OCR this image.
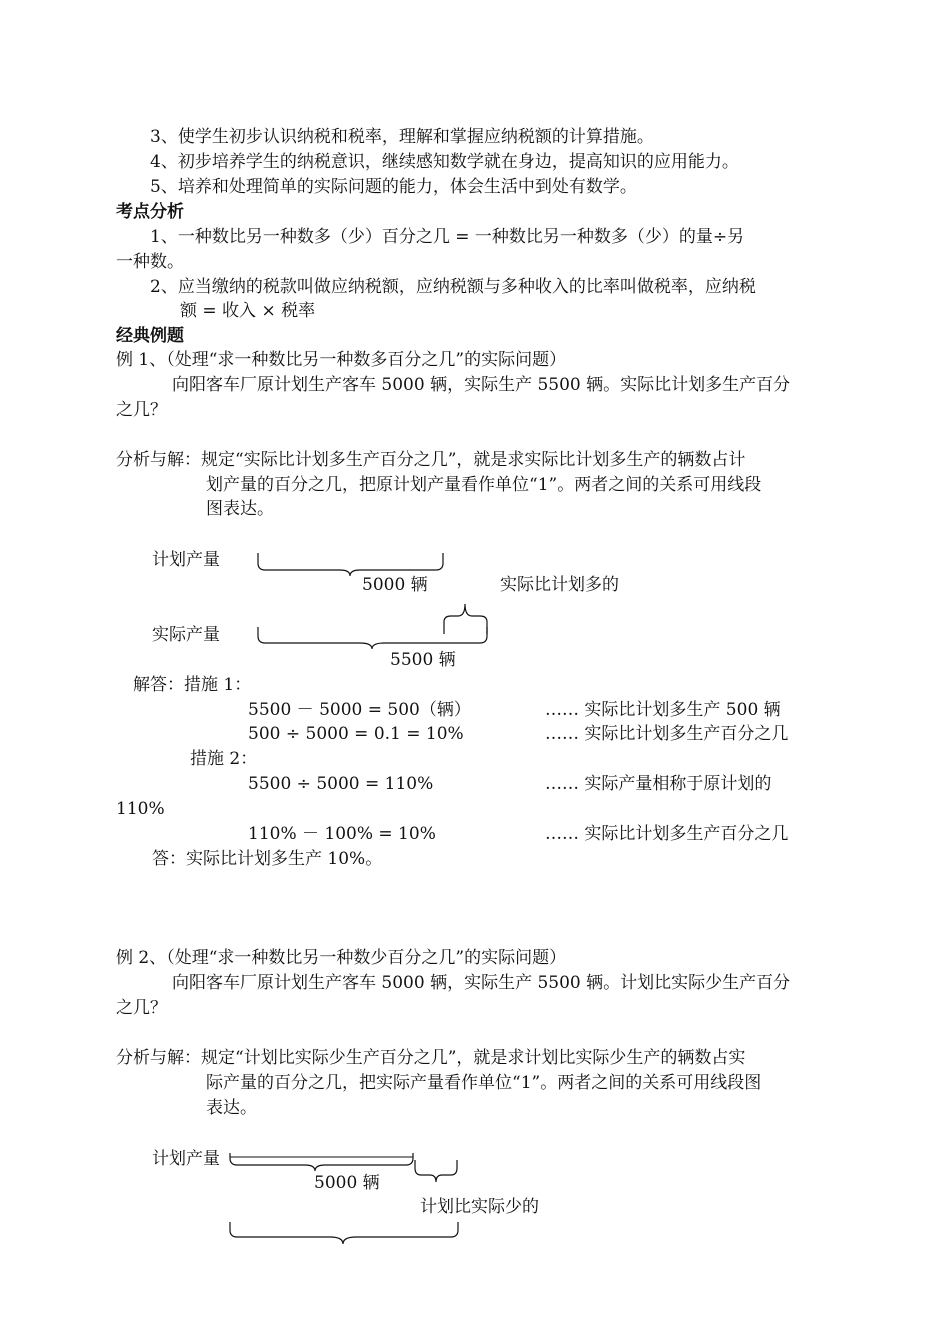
3、使学生初步认识纳税和税率，理解和掌握应纳税额的计算措施。
4、初步培养学生的纳税意识，继续感知数学就在身边，提高知识的应用能力。
5、培养和处理简单的实际问题的能力，体会生活中到处有数学。
考点分析
1、一种数比另一种数多（少）百分之几 = 一种数比另一种数多（少）的量÷另
一种数。
2、应当缴纳的税款叫做应纳税额，应纳税额与多种收入的比率叫做税率，应纳税
额 = 收入 × 税率
经典例题
例 1、（处理“求一种数比另一种数多百分之几”的实际问题）
向阳客车厂原计划生产客车 5000 辆，实际生产 5500 辆。实际比计划多生产百分
之几？
分析与解：规定“实际比计划多生产百分之几”，就是求实际比计划多生产的辆数占计
划产量的百分之几，把原计划产量看作单位“1”。两者之间的关系可用线段
图表达。
计划产量
5000 辆	实际比计划多的
实际产量
5500 辆
解答：措施 1：
5500 － 5000 = 500（辆）	…… 实际比计划多生产 500 辆
500 ÷ 5000 = 0.1 = 10%	…… 实际比计划多生产百分之几
措施 2：
5500 ÷ 5000 = 110%	…… 实际产量相称于原计划的
110%
110% － 100% = 10%	…… 实际比计划多生产百分之几
答：实际比计划多生产 10%。
例 2、（处理“求一种数比另一种数少百分之几”的实际问题）
向阳客车厂原计划生产客车 5000 辆，实际生产 5500 辆。计划比实际少生产百分
之几？
分析与解：规定“计划比实际少生产百分之几”，就是求计划比实际少生产的辆数占实
际产量的百分之几，把实际产量看作单位“1”。两者之间的关系可用线段图
表达。
计划产量
5000 辆
计划比实际少的
